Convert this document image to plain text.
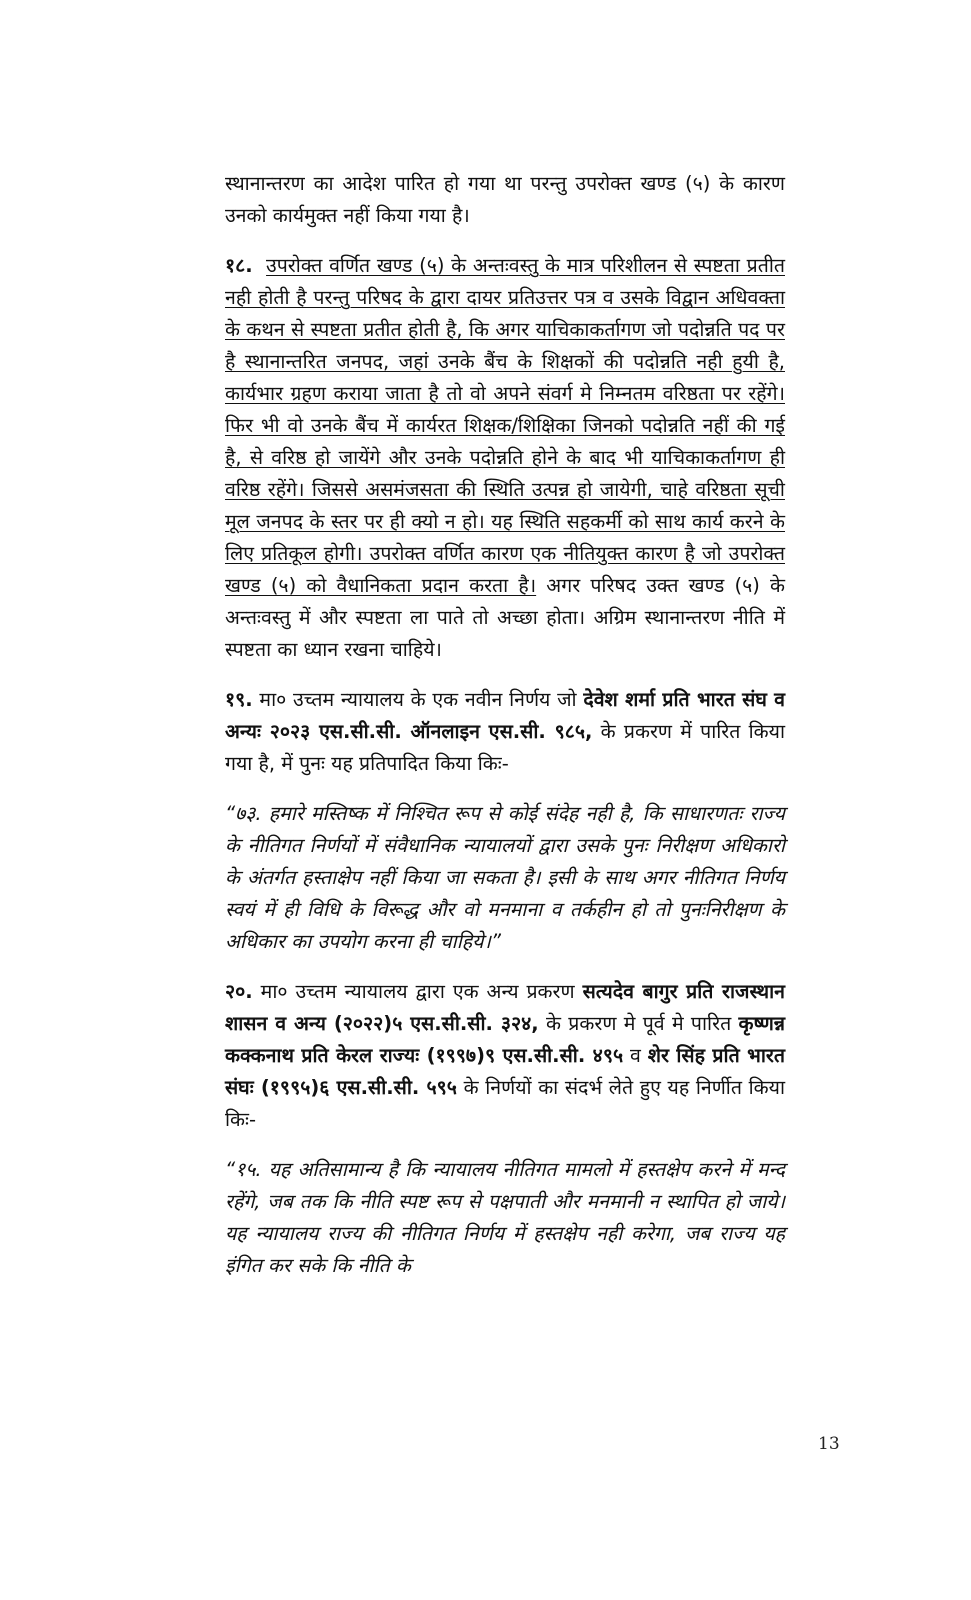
स्थानान्तरण का आदेश पारित हो गया था परन्तु उपरोक्त खण्ड (५) के कारण उनको कार्यमुक्त नहीं किया गया है।

१८. उपरोक्त वर्णित खण्ड (५) के अन्तःवस्तु के मात्र परिशीलन से स्पष्टता प्रतीत नही होती है परन्तु परिषद के द्वारा दायर प्रतिउत्तर पत्र व उसके विद्वान अधिवक्ता के कथन से स्पष्टता प्रतीत होती है, कि अगर याचिकाकर्तागण जो पदोन्नति पद पर है स्थानान्तरित जनपद, जहां उनके बैंच के शिक्षकों की पदोन्नति नही हुयी है, कार्यभार ग्रहण कराया जाता है तो वो अपने संवर्ग मे निम्नतम वरिष्ठता पर रहेंगे। फिर भी वो उनके बैंच में कार्यरत शिक्षक/शिक्षिका जिनको पदोन्नति नहीं की गई है, से वरिष्ठ हो जायेंगे और उनके पदोन्नति होने के बाद भी याचिकाकर्तागण ही वरिष्ठ रहेंगे। जिससे असमंजसता की स्थिति उत्पन्न हो जायेगी, चाहे वरिष्ठता सूची मूल जनपद के स्तर पर ही क्यो न हो। यह स्थिति सहकर्मी को साथ कार्य करने के लिए प्रतिकूल होगी। उपरोक्त वर्णित कारण एक नीतियुक्त कारण है जो उपरोक्त खण्ड (५) को वैधानिकता प्रदान करता है। अगर परिषद उक्त खण्ड (५) के अन्तःवस्तु में और स्पष्टता ला पाते तो अच्छा होता। अग्रिम स्थानान्तरण नीति में स्पष्टता का ध्यान रखना चाहिये।

१९. मा० उच्तम न्यायालय के एक नवीन निर्णय जो देवेश शर्मा प्रति भारत संघ व अन्यः २०२३ एस.सी.सी. ऑनलाइन एस.सी. ९८५, के प्रकरण में पारित किया गया है, में पुनः यह प्रतिपादित किया किः-

“७३. हमारे मस्तिष्क में निश्चित रूप से कोई संदेह नही है, कि साधारणतः राज्य के नीतिगत निर्णयों में संवैधानिक न्यायालयों द्वारा उसके पुनः निरीक्षण अधिकारो के अंतर्गत हस्ताक्षेप नहीं किया जा सकता है। इसी के साथ अगर नीतिगत निर्णय स्वयं में ही विधि के विरूद्ध और वो मनमाना व तर्कहीन हो तो पुनःनिरीक्षण के अधिकार का उपयोग करना ही चाहिये।”

२०. मा० उच्तम न्यायालय द्वारा एक अन्य प्रकरण सत्यदेव बागुर प्रति राजस्थान शासन व अन्य (२०२२)५ एस.सी.सी. ३२४, के प्रकरण मे पूर्व मे पारित कृष्णन्न कक्कनाथ प्रति केरल राज्यः (१९९७)९ एस.सी.सी. ४९५ व शेर सिंह प्रति भारत संघः (१९९५)६ एस.सी.सी. ५९५ के निर्णयों का संदर्भ लेते हुए यह निर्णीत किया किः-

“१५. यह अतिसामान्य है कि न्यायालय नीतिगत मामलो में हस्तक्षेप करने में मन्द रहेंगे, जब तक कि नीति स्पष्ट रूप से पक्षपाती और मनमानी न स्थापित हो जाये। यह न्यायालय राज्य की नीतिगत निर्णय में हस्तक्षेप नही करेगा, जब राज्य यह इंगित कर सके कि नीति के

13
